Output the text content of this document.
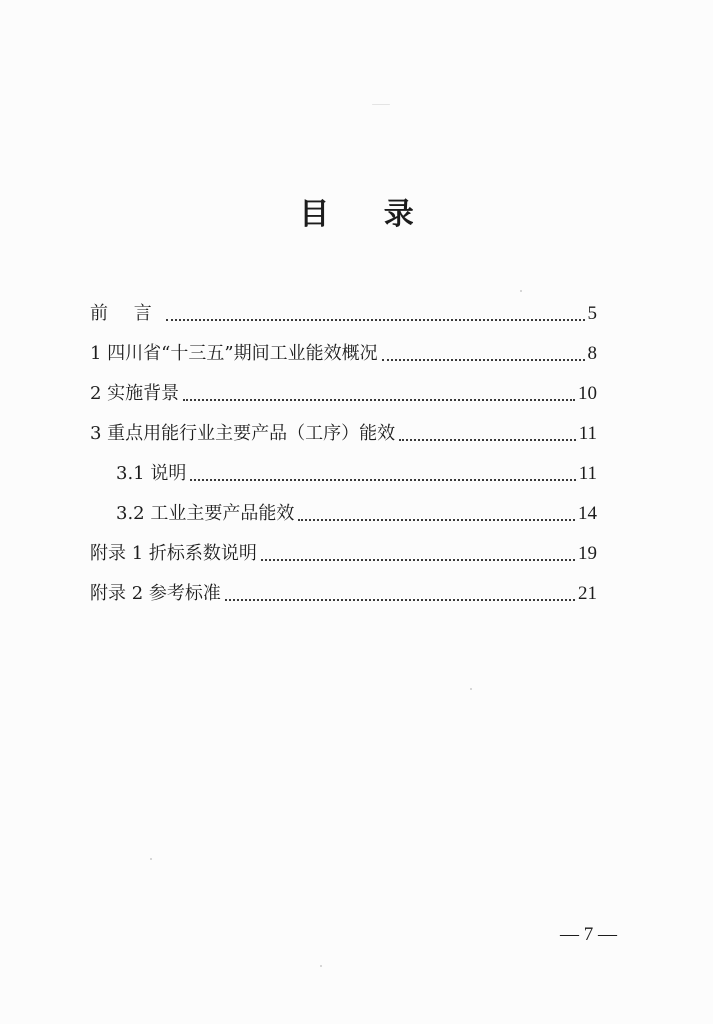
目 录
前 言	5
1 四川省“十三五”期间工业能效概况	8
2 实施背景	10
3 重点用能行业主要产品（工序）能效	11
3.1 说明	11
3.2 工业主要产品能效	14
附录 1 折标系数说明	19
附录 2 参考标准	21
— 7 —
